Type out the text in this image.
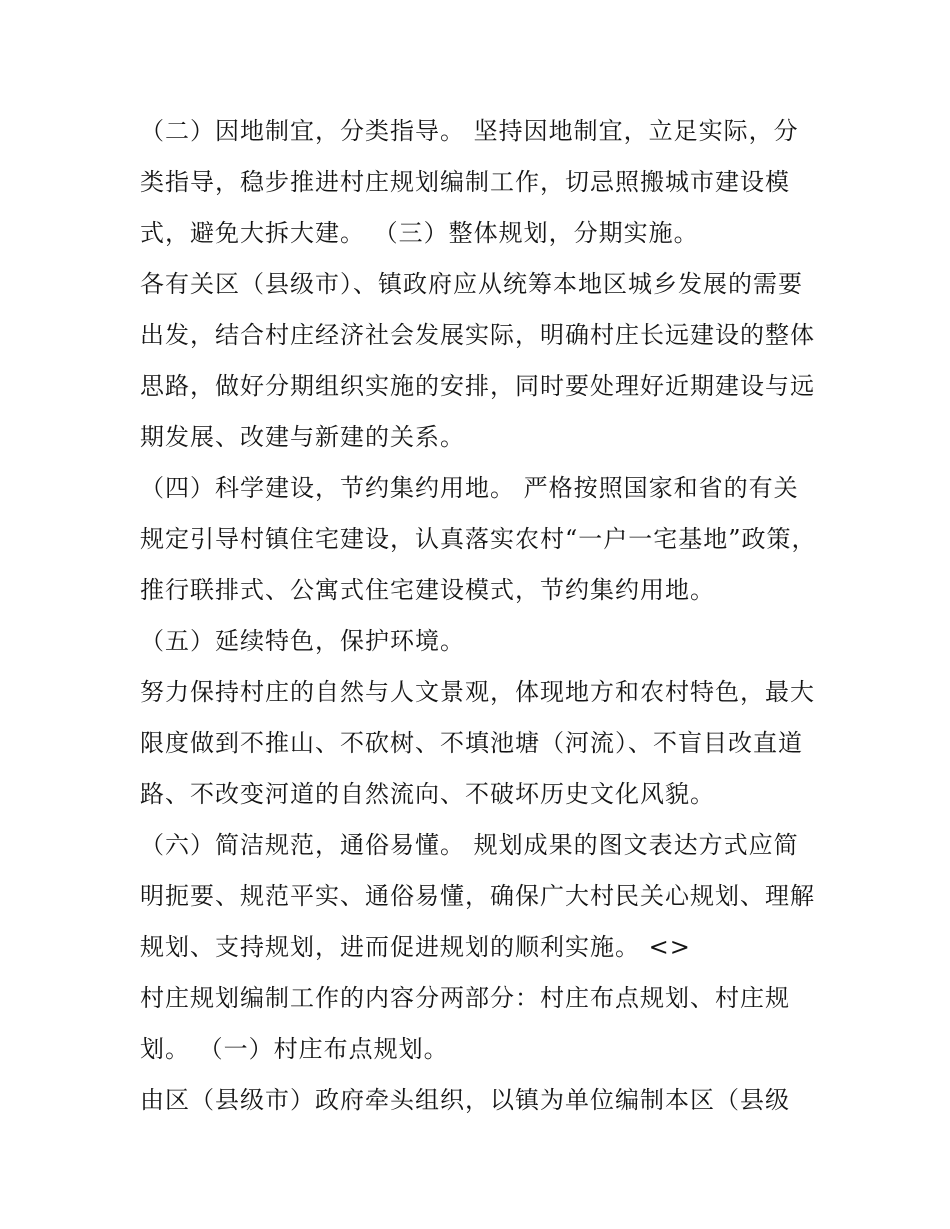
（二）因地制宜，分类指导。 坚持因地制宜，立足实际，分
类指导，稳步推进村庄规划编制工作，切忌照搬城市建设模
式，避免大拆大建。 （三）整体规划，分期实施。
各有关区（县级市）、镇政府应从统筹本地区城乡发展的需要
出发，结合村庄经济社会发展实际，明确村庄长远建设的整体
思路，做好分期组织实施的安排，同时要处理好近期建设与远
期发展、改建与新建的关系。
（四）科学建设，节约集约用地。 严格按照国家和省的有关
规定引导村镇住宅建设，认真落实农村“一户一宅基地”政策，
推行联排式、公寓式住宅建设模式，节约集约用地。
（五）延续特色，保护环境。
努力保持村庄的自然与人文景观，体现地方和农村特色，最大
限度做到不推山、不砍树、不填池塘（河流）、不盲目改直道
路、不改变河道的自然流向、不破坏历史文化风貌。
（六）简洁规范，通俗易懂。 规划成果的图文表达方式应简
明扼要、规范平实、通俗易懂，确保广大村民关心规划、理解
规划、支持规划，进而促进规划的顺利实施。 <>
村庄规划编制工作的内容分两部分：村庄布点规划、村庄规
划。 （一）村庄布点规划。
由区（县级市）政府牵头组织，以镇为单位编制本区（县级
